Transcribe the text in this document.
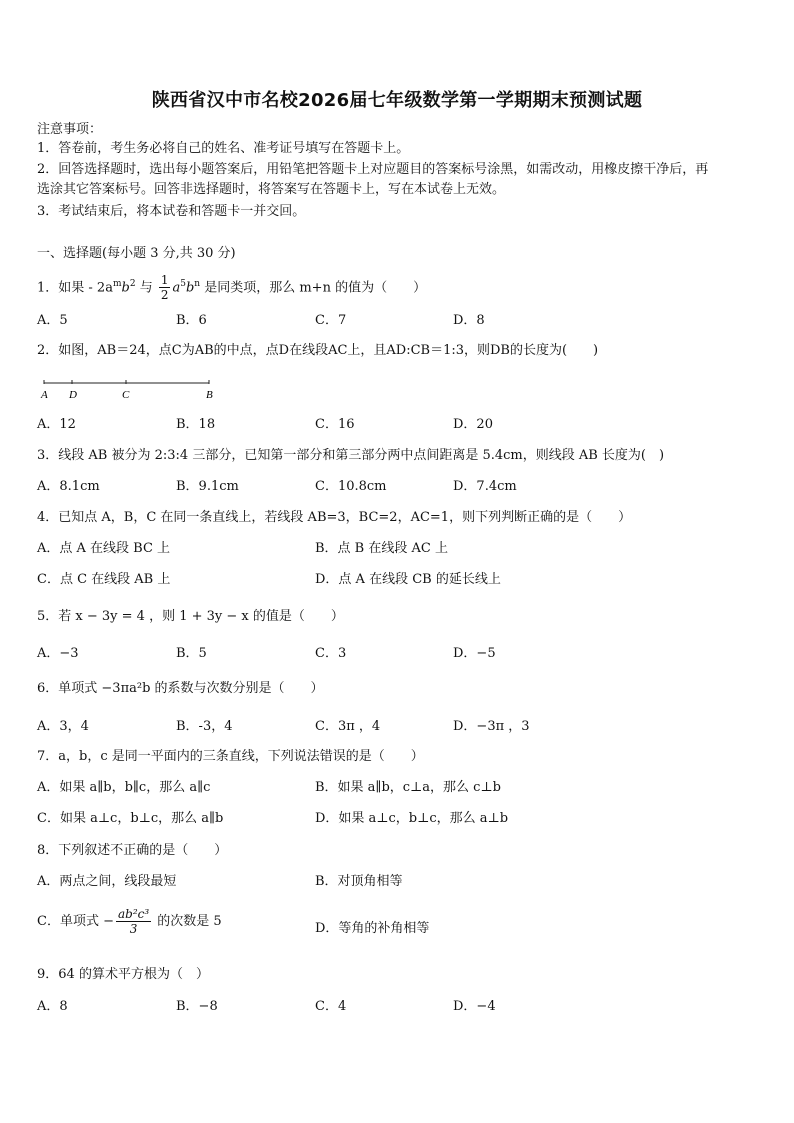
陕西省汉中市名校2026届七年级数学第一学期期末预测试题
注意事项：
1．答卷前，考生务必将自己的姓名、准考证号填写在答题卡上。
2．回答选择题时，选出每小题答案后，用铅笔把答题卡上对应题目的答案标号涂黑，如需改动，用橡皮擦干净后，再
选涂其它答案标号。回答非选择题时，将答案写在答题卡上，写在本试卷上无效。
3．考试结束后，将本试卷和答题卡一并交回。
一、选择题(每小题 3 分,共 30 分)
1．如果 - $2a^mb^2$ 与 $\frac{1}{2} a^5b^n$ 是同类项，那么 m+n 的值为（　　）
A．5	B．6	C．7	D．8
2．如图，AB＝24，点C为AB的中点，点D在线段AC上，且AD:CB＝1:3，则DB的长度为(　　)
A D	C	B
A．12	B．18	C．16	D．20
3．线段 AB 被分为 2:3:4 三部分，已知第一部分和第三部分两中点间距离是 5.4cm，则线段 AB 长度为(　)
A．8.1cm	B．9.1cm	C．10.8cm	D．7.4cm
4．已知点 A，B，C 在同一条直线上，若线段 AB=3，BC=2，AC=1，则下列判断正确的是（　　）
A．点 A 在线段 BC 上	B．点 B 在线段 AC 上
C．点 C 在线段 AB 上	D．点 A 在线段 CB 的延长线上
5．若 x − 3y = 4 ，则 1 + 3y − x 的值是（　　）
A．−3	B．5	C．3	D．−5
6．单项式 −3πa²b 的系数与次数分别是（　　）
A．3，4	B．-3，4	C．3π ，4	D．−3π ，3
7．a，b，c 是同一平面内的三条直线，下列说法错误的是（　　）
A．如果 a∥b，b∥c，那么 a∥c	B．如果 a∥b，c⊥a，那么 c⊥b
C．如果 a⊥c，b⊥c，那么 a∥b	D．如果 a⊥c，b⊥c，那么 a⊥b
8．下列叙述不正确的是（　　）
A．两点之间，线段最短	B．对顶角相等
C．单项式 − $\frac{\text{ab²c³}}{3}$ 的次数是 5	D．等角的补角相等
9．64 的算术平方根为（　）
A．8	B．−8	C．4	D．−4
